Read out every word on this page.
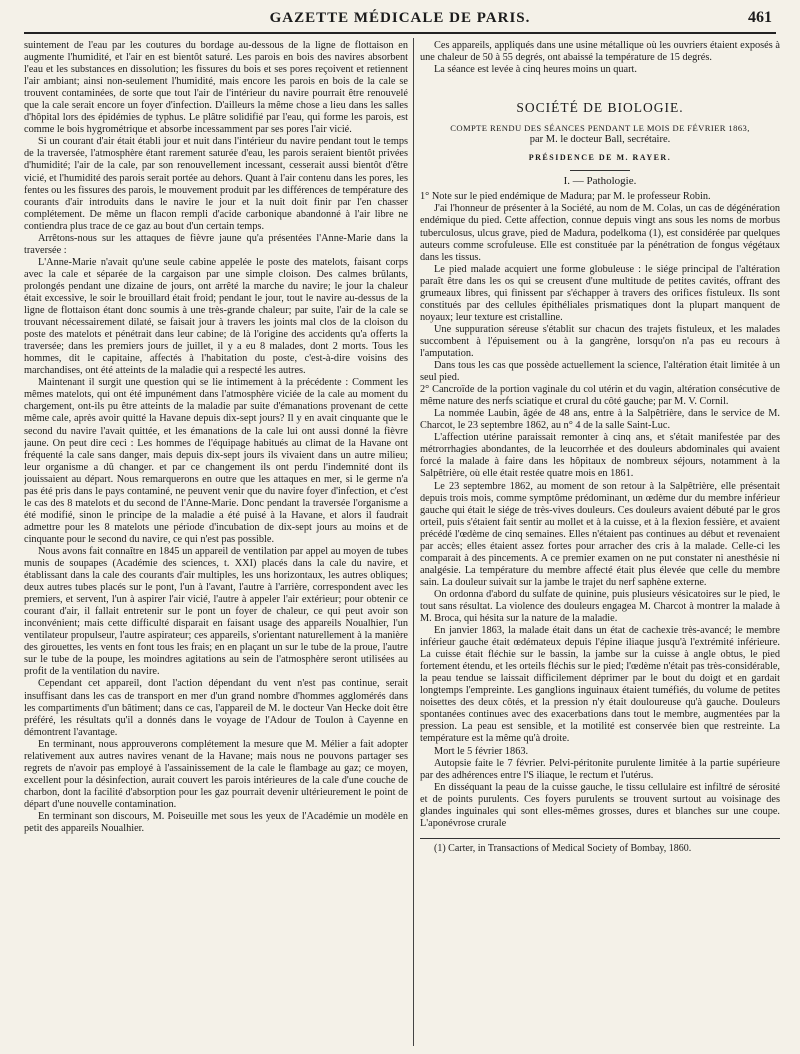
GAZETTE MÉDICALE DE PARIS.	461

suintement de l'eau par les coutures du bordage au-dessous de la ligne de flottaison en augmente l'humidité, et l'air en est bientôt saturé. Les parois en bois des navires absorbent l'eau et les substances en dissolution; les fissures du bois et ses pores reçoivent et retiennent l'air ambiant; ainsi non-seulement l'humidité, mais encore les parois en bois de la cale se trouvent contaminées, de sorte que tout l'air de l'intérieur du navire pourrait être renouvelé que la cale serait encore un foyer d'infection. D'ailleurs la même chose a lieu dans les salles d'hôpital lors des épidémies de typhus. Le plâtre solidifié par l'eau, qui forme les parois, est comme le bois hygrométrique et absorbe incessamment par ses pores l'air vicié.

Si un courant d'air était établi jour et nuit dans l'intérieur du navire pendant tout le temps de la traversée, l'atmosphère étant rarement saturée d'eau, les parois seraient bientôt privées d'humidité; l'air de la cale, par son renouvellement incessant, cesserait aussi bientôt d'être vicié, et l'humidité des parois serait portée au dehors. Quant à l'air contenu dans les pores, les fentes ou les fissures des parois, le mouvement produit par les différences de température des courants d'air introduits dans le navire le jour et la nuit doit finir par l'en chasser complétement. De même un flacon rempli d'acide carbonique abandonné à l'air libre ne contiendra plus trace de ce gaz au bout d'un certain temps.

Arrêtons-nous sur les attaques de fièvre jaune qu'a présentées l'Anne-Marie dans la traversée :

L'Anne-Marie n'avait qu'une seule cabine appelée le poste des matelots, faisant corps avec la cale et séparée de la cargaison par une simple cloison. Des calmes brûlants, prolongés pendant une dizaine de jours, ont arrêté la marche du navire; le jour la chaleur était excessive, le soir le brouillard était froid; pendant le jour, tout le navire au-dessus de la ligne de flottaison étant donc soumis à une très-grande chaleur; par suite, l'air de la cale se trouvant nécessairement dilaté, se faisait jour à travers les joints mal clos de la cloison du poste des matelots et pénétrait dans leur cabine; de là l'origine des accidents qu'a offerts la traversée; dans les premiers jours de juillet, il y a eu 8 malades, dont 2 morts. Tous les hommes, dit le capitaine, affectés à l'habitation du poste, c'est-à-dire voisins des marchandises, ont été atteints de la maladie qui a respecté les autres.

Maintenant il surgit une question qui se lie intimement à la précédente : Comment les mêmes matelots, qui ont été impunément dans l'atmosphère viciée de la cale au moment du chargement, ont-ils pu être atteints de la maladie par suite d'émanations provenant de cette même cale, après avoir quitté la Havane depuis dix-sept jours? Il y en avait cinquante que le second du navire l'avait quittée, et les émanations de la cale lui ont aussi donné la fièvre jaune. On peut dire ceci : Les hommes de l'équipage habitués au climat de la Havane ont fréquenté la cale sans danger, mais depuis dix-sept jours ils vivaient dans un autre milieu; leur organisme a dû changer. et par ce changement ils ont perdu l'indemnité dont ils jouissaient au départ. Nous remarquerons en outre que les attaques en mer, si le germe n'a pas été pris dans le pays contaminé, ne peuvent venir que du navire foyer d'infection, et c'est le cas des 8 matelots et du second de l'Anne-Marie. Donc pendant la traversée l'organisme a été modifié, sinon le principe de la maladie a été puisé à la Havane, et alors il faudrait admettre pour les 8 matelots une période d'incubation de dix-sept jours au moins et de cinquante pour le second du navire, ce qui n'est pas possible.

Nous avons fait connaître en 1845 un appareil de ventilation par appel au moyen de tubes munis de soupapes (Académie des sciences, t. XXI) placés dans la cale du navire, et établissant dans la cale des courants d'air multiples, les uns horizontaux, les autres obliques; deux autres tubes placés sur le pont, l'un à l'avant, l'autre à l'arrière, correspondent avec les premiers, et servent, l'un à aspirer l'air vicié, l'autre à appeler l'air extérieur; pour obtenir ce courant d'air, il fallait entretenir sur le pont un foyer de chaleur, ce qui peut avoir son inconvénient; mais cette difficulté disparait en faisant usage des appareils Noualhier, l'un ventilateur propulseur, l'autre aspirateur; ces appareils, s'orientant naturellement à la manière des girouettes, les vents en font tous les frais; en en plaçant un sur le tube de la proue, l'autre sur le tube de la poupe, les moindres agitations au sein de l'atmosphère seront utilisées au profit de la ventilation du navire.

Cependant cet appareil, dont l'action dépendant du vent n'est pas continue, serait insuffisant dans les cas de transport en mer d'un grand nombre d'hommes agglomérés dans les compartiments d'un bâtiment; dans ce cas, l'appareil de M. le docteur Van Hecke doit être préféré, les résultats qu'il a donnés dans le voyage de l'Adour de Toulon à Cayenne en démontrent l'avantage.

En terminant, nous approuverons complétement la mesure que M. Mélier a fait adopter relativement aux autres navires venant de la Havane; mais nous ne pouvons partager ses regrets de n'avoir pas employé à l'assainissement de la cale le flambage au gaz; ce moyen, excellent pour la désinfection, aurait couvert les parois intérieures de la cale d'une couche de charbon, dont la facilité d'absorption pour les gaz pourrait devenir ultérieurement le point de départ d'une nouvelle contamination.

En terminant son discours, M. Poiseuille met sous les yeux de l'Académie un modèle en petit des appareils Noualhier.

Ces appareils, appliqués dans une usine métallique où les ouvriers étaient exposés à une chaleur de 50 à 55 degrés, ont abaissé la température de 15 degrés.

La séance est levée à cinq heures moins un quart.

SOCIÉTÉ DE BIOLOGIE.
COMPTE RENDU DES SÉANCES PENDANT LE MOIS DE FÉVRIER 1863,
par M. le docteur Ball, secrétaire.
PRÉSIDENCE DE M. RAYER.
I. — Pathologie.

1° Note sur le pied endémique de Madura; par M. le professeur Robin.

J'ai l'honneur de présenter à la Société, au nom de M. Colas, un cas de dégénération endémique du pied. Cette affection, connue depuis vingt ans sous les noms de morbus tuberculosus, ulcus grave, pied de Madura, podelkoma (1), est considérée par quelques auteurs comme scrofuleuse. Elle est constituée par la pénétration de fongus végétaux dans les tissus.

Le pied malade acquiert une forme globuleuse : le siége principal de l'altération paraît être dans les os qui se creusent d'une multitude de petites cavités, offrant des grumeaux libres, qui finissent par s'échapper à travers des orifices fistuleux. Ils sont constitués par des cellules épithéliales prismatiques dont la plupart manquent de noyaux; leur texture est cristalline.

Une suppuration séreuse s'établit sur chacun des trajets fistuleux, et les malades succombent à l'épuisement ou à la gangrène, lorsqu'on n'a pas eu recours à l'amputation.

Dans tous les cas que possède actuellement la science, l'altération était limitée à un seul pied.

2° Cancroïde de la portion vaginale du col utérin et du vagin, altération consécutive de même nature des nerfs sciatique et crural du côté gauche; par M. V. Cornil.

La nommée Laubin, âgée de 48 ans, entre à la Salpêtrière, dans le service de M. Charcot, le 23 septembre 1862, au n° 4 de la salle Saint-Luc.

L'affection utérine paraissait remonter à cinq ans, et s'était manifestée par des métrorrhagies abondantes, de la leucorrhée et des douleurs abdominales qui avaient forcé la malade à faire dans les hôpitaux de nombreux séjours, notamment à la Salpêtrière, où elle était restée quatre mois en 1861.

Le 23 septembre 1862, au moment de son retour à la Salpêtrière, elle présentait depuis trois mois, comme symptôme prédominant, un œdème dur du membre inférieur gauche qui était le siége de très-vives douleurs. Ces douleurs avaient débuté par le gros orteil, puis s'étaient fait sentir au mollet et à la cuisse, et à la flexion fessière, et avaient précédé l'œdème de cinq semaines. Elles n'étaient pas continues au début et revenaient par accès; elles étaient assez fortes pour arracher des cris à la malade. Celle-ci les comparait à des pincements. A ce premier examen on ne put constater ni anesthésie ni analgésie. La température du membre affecté était plus élevée que celle du membre sain. La douleur suivait sur la jambe le trajet du nerf saphène externe.

On ordonna d'abord du sulfate de quinine, puis plusieurs vésicatoires sur le pied, le tout sans résultat. La violence des douleurs engagea M. Charcot à montrer la malade à M. Broca, qui hésita sur la nature de la maladie.

En janvier 1863, la malade était dans un état de cachexie très-avancé; le membre inférieur gauche était œdémateux depuis l'épine iliaque jusqu'à l'extrémité inférieure. La cuisse était fléchie sur le bassin, la jambe sur la cuisse à angle obtus, le pied fortement étendu, et les orteils fléchis sur le pied; l'œdème n'était pas très-considérable, la peau tendue se laissait difficilement déprimer par le bout du doigt et en gardait longtemps l'empreinte. Les ganglions inguinaux étaient tuméfiés, du volume de petites noisettes des deux côtés, et la pression n'y était douloureuse qu'à gauche. Douleurs spontanées continues avec des exacerbations dans tout le membre, augmentées par la pression. La peau est sensible, et la motilité est conservée bien que restreinte. La température est la même qu'à droite.

Mort le 5 février 1863.

Autopsie faite le 7 février. Pelvi-péritonite purulente limitée à la partie supérieure par des adhérences entre l'S iliaque, le rectum et l'utérus.

En disséquant la peau de la cuisse gauche, le tissu cellulaire est infiltré de sérosité et de points purulents. Ces foyers purulents se trouvent surtout au voisinage des glandes inguinales qui sont elles-mêmes grosses, dures et blanches sur une coupe. L'aponévrose crurale

(1) Carter, in Transactions of Medical Society of Bombay, 1860.
